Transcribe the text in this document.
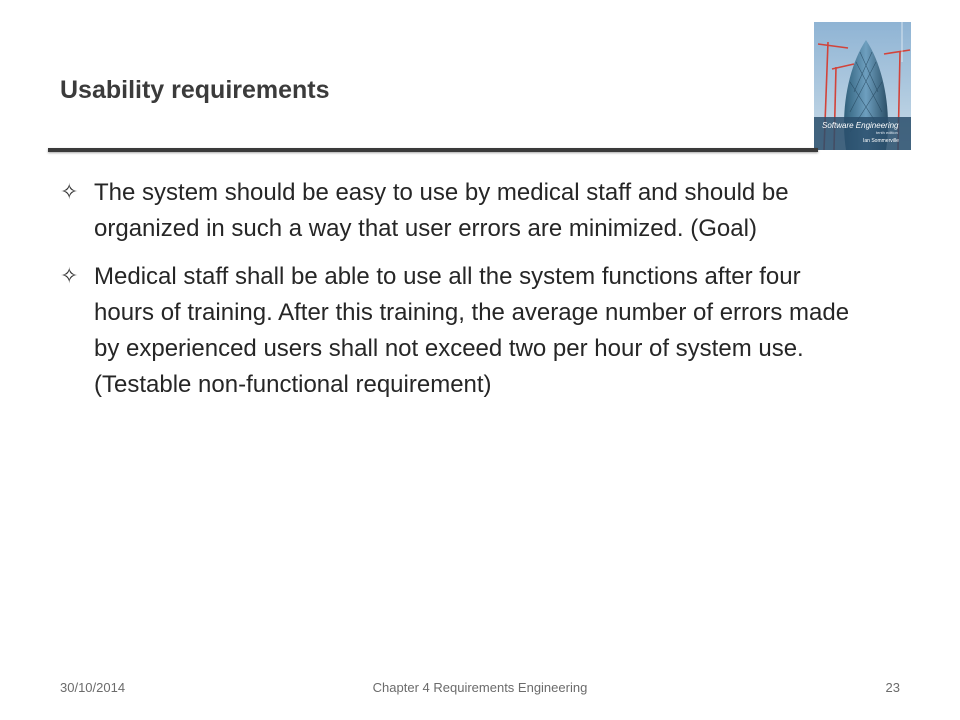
Usability requirements
Software Engineering
tenth edition
Ian Sommerville
✧ The system should be easy to use by medical staff and should be organized in such a way that user errors are minimized. (Goal)
✧ Medical staff shall be able to use all the system functions after four hours of training. After this training, the average number of errors made by experienced users shall not exceed two per hour of system use. (Testable non-functional requirement)
30/10/2014	Chapter 4 Requirements Engineering	23
